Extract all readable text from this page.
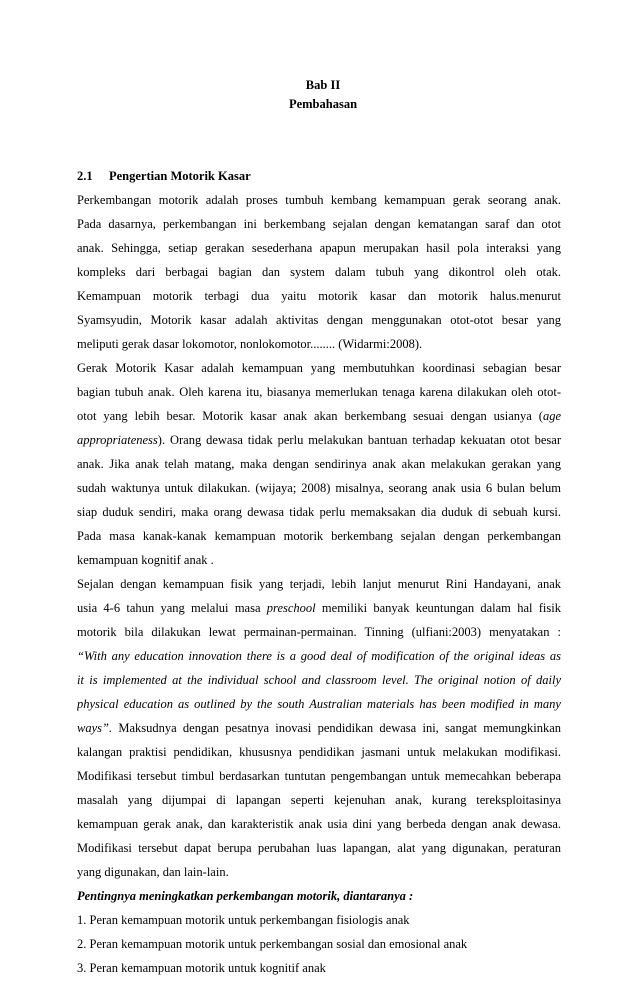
Bab II
Pembahasan
2.1 Pengertian Motorik Kasar
Perkembangan motorik adalah proses tumbuh kembang kemampuan gerak seorang anak.
Pada dasarnya, perkembangan ini berkembang sejalan dengan kematangan saraf dan otot
anak. Sehingga, setiap gerakan sesederhana apapun merupakan hasil pola interaksi yang
kompleks dari berbagai bagian dan system dalam tubuh yang dikontrol oleh otak.
Kemampuan motorik terbagi dua yaitu motorik kasar dan motorik halus.menurut
Syamsyudin, Motorik kasar adalah aktivitas dengan menggunakan otot-otot besar yang
meliputi gerak dasar lokomotor, nonlokomotor........ (Widarmi:2008).
Gerak Motorik Kasar adalah kemampuan yang membutuhkan koordinasi sebagian besar
bagian tubuh anak. Oleh karena itu, biasanya memerlukan tenaga karena dilakukan oleh otot-
otot yang lebih besar. Motorik kasar anak akan berkembang sesuai dengan usianya (age
appropriateness). Orang dewasa tidak perlu melakukan bantuan terhadap kekuatan otot besar
anak. Jika anak telah matang, maka dengan sendirinya anak akan melakukan gerakan yang
sudah waktunya untuk dilakukan. (wijaya; 2008) misalnya, seorang anak usia 6 bulan belum
siap duduk sendiri, maka orang dewasa tidak perlu memaksakan dia duduk di sebuah kursi.
Pada masa kanak-kanak kemampuan motorik berkembang sejalan dengan perkembangan
kemampuan kognitif anak .
Sejalan dengan kemampuan fisik yang terjadi, lebih lanjut menurut Rini Handayani, anak
usia 4-6 tahun yang melalui masa preschool memiliki banyak keuntungan dalam hal fisik
motorik bila dilakukan lewat permainan-permainan. Tinning (ulfiani:2003) menyatakan :
“With any education innovation there is a good deal of modification of the original ideas as
it is implemented at the individual school and classroom level. The original notion of daily
physical education as outlined by the south Australian materials has been modified in many
ways”. Maksudnya dengan pesatnya inovasi pendidikan dewasa ini, sangat memungkinkan
kalangan praktisi pendidikan, khususnya pendidikan jasmani untuk melakukan modifikasi.
Modifikasi tersebut timbul berdasarkan tuntutan pengembangan untuk memecahkan beberapa
masalah yang dijumpai di lapangan seperti kejenuhan anak, kurang tereksploitasinya
kemampuan gerak anak, dan karakteristik anak usia dini yang berbeda dengan anak dewasa.
Modifikasi tersebut dapat berupa perubahan luas lapangan, alat yang digunakan, peraturan
yang digunakan, dan lain-lain.
Pentingnya meningkatkan perkembangan motorik, diantaranya :
1. Peran kemampuan motorik untuk perkembangan fisiologis anak
2. Peran kemampuan motorik untuk perkembangan sosial dan emosional anak
3. Peran kemampuan motorik untuk kognitif anak
